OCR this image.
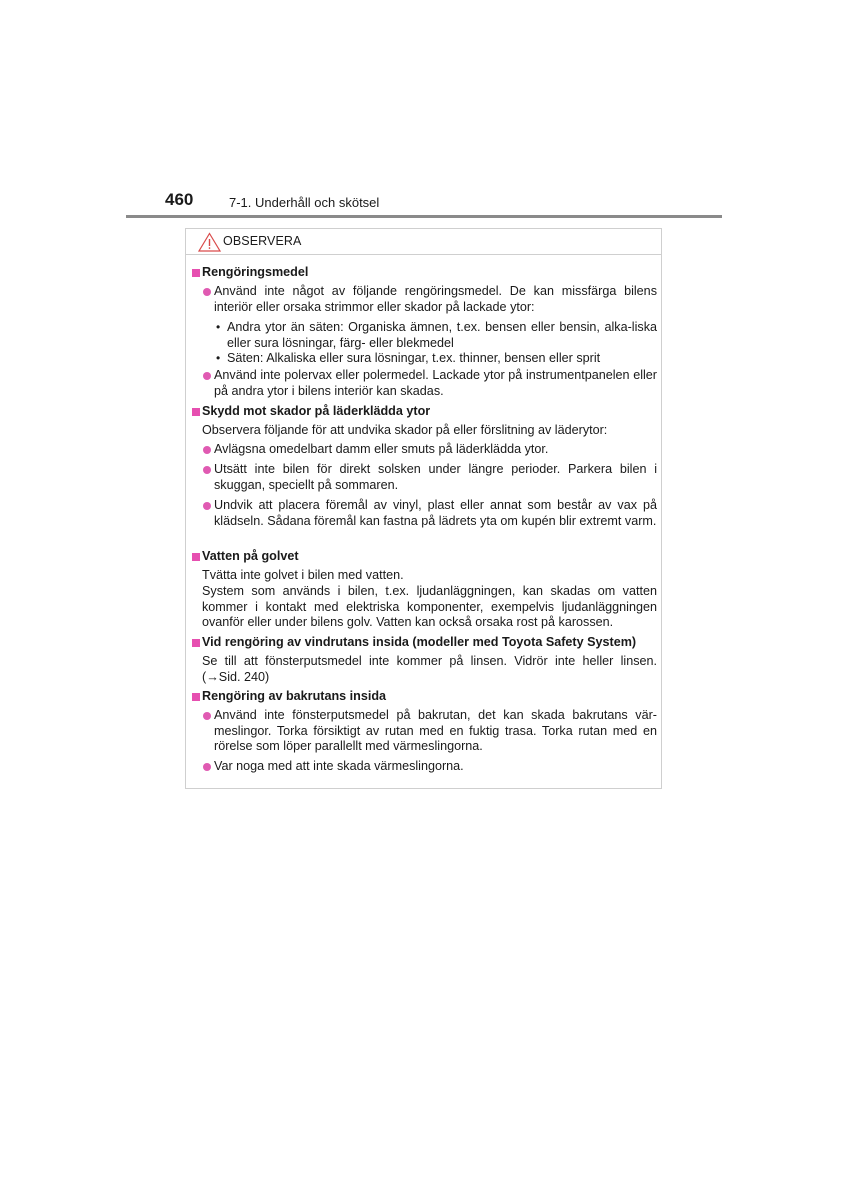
460	7-1. Underhåll och skötsel
OBSERVERA
Rengöringsmedel
Använd inte något av följande rengöringsmedel. De kan missfärga bilens interiör eller orsaka strimmor eller skador på lackade ytor:
• Andra ytor än säten: Organiska ämnen, t.ex. bensen eller bensin, alka-liska eller sura lösningar, färg- eller blekmedel
• Säten: Alkaliska eller sura lösningar, t.ex. thinner, bensen eller sprit
Använd inte polervax eller polermedel. Lackade ytor på instrumentpanelen eller på andra ytor i bilens interiör kan skadas.
Skydd mot skador på läderklädda ytor
Observera följande för att undvika skador på eller förslitning av läderytor:
Avlägsna omedelbart damm eller smuts på läderklädda ytor.
Utsätt inte bilen för direkt solsken under längre perioder. Parkera bilen i skuggan, speciellt på sommaren.
Undvik att placera föremål av vinyl, plast eller annat som består av vax på klädseln. Sådana föremål kan fastna på lädrets yta om kupén blir extremt varm.
Vatten på golvet
Tvätta inte golvet i bilen med vatten.
System som används i bilen, t.ex. ljudanläggningen, kan skadas om vatten kommer i kontakt med elektriska komponenter, exempelvis ljudanläggningen ovanför eller under bilens golv. Vatten kan också orsaka rost på karossen.
Vid rengöring av vindrutans insida (modeller med Toyota Safety System)
Se till att fönsterputsmedel inte kommer på linsen. Vidrör inte heller linsen. (→Sid. 240)
Rengöring av bakrutans insida
Använd inte fönsterputsmedel på bakrutan, det kan skada bakrutans vär-meslingor. Torka försiktigt av rutan med en fuktig trasa. Torka rutan med en rörelse som löper parallellt med värmeslingorna.
Var noga med att inte skada värmeslingorna.
